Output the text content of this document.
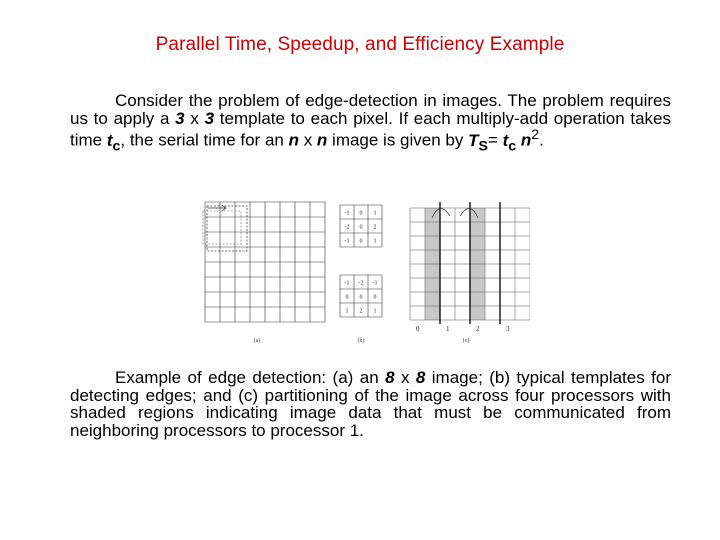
Parallel Time, Speedup, and Efficiency Example
Consider the problem of edge-detection in images. The problem requires us to apply a 3 x 3 template to each pixel. If each multiply-add operation takes time $t_c$, the serial time for an n x n image is given by $T_S= t_c$ $n^2$.
-1 0 1
-2 0 2
-1 0 1
-1 -2 -1
0 0 0
1 2 1
0	1	2	3
(a)	(b)	(c)
Example of edge detection: (a) an 8 x 8 image; (b) typical templates for detecting edges; and (c) partitioning of the image across four processors with shaded regions indicating image data that must be communicated from neighboring processors to processor 1.
